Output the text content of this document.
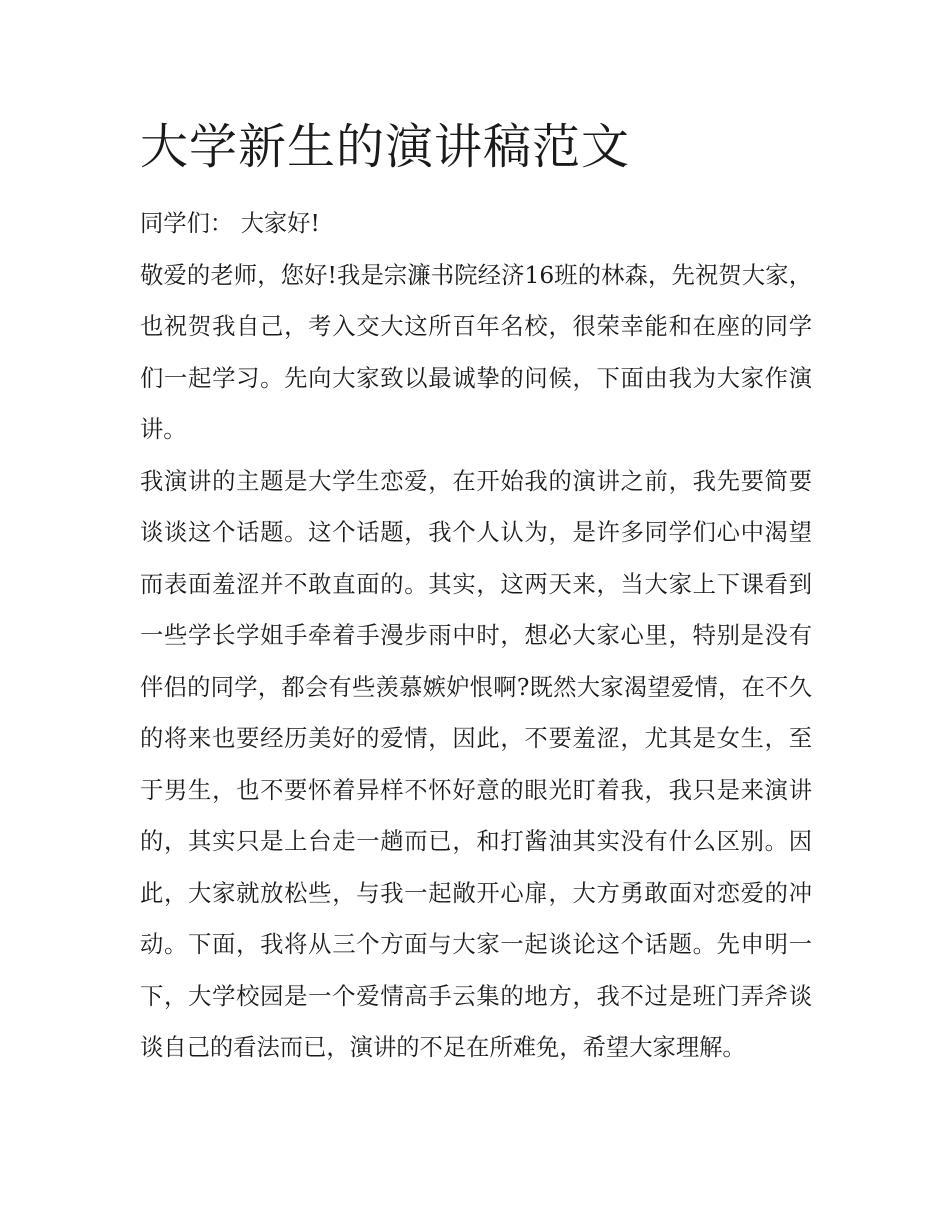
大学新生的演讲稿范文

同学们： 大家好!

敬爱的老师，您好!我是宗濂书院经济16班的林森，先祝贺大家，也祝贺我自己，考入交大这所百年名校，很荣幸能和在座的同学们一起学习。先向大家致以最诚挚的问候，下面由我为大家作演讲。

我演讲的主题是大学生恋爱，在开始我的演讲之前，我先要简要谈谈这个话题。这个话题，我个人认为，是许多同学们心中渴望而表面羞涩并不敢直面的。其实，这两天来，当大家上下课看到一些学长学姐手牵着手漫步雨中时，想必大家心里，特别是没有伴侣的同学，都会有些羡慕嫉妒恨啊?既然大家渴望爱情，在不久的将来也要经历美好的爱情，因此，不要羞涩，尤其是女生，至于男生，也不要怀着异样不怀好意的眼光盯着我，我只是来演讲的，其实只是上台走一趟而已，和打酱油其实没有什么区别。因此，大家就放松些，与我一起敞开心扉，大方勇敢面对恋爱的冲动。下面，我将从三个方面与大家一起谈论这个话题。先申明一下，大学校园是一个爱情高手云集的地方，我不过是班门弄斧谈谈自己的看法而已，演讲的不足在所难免，希望大家理解。
